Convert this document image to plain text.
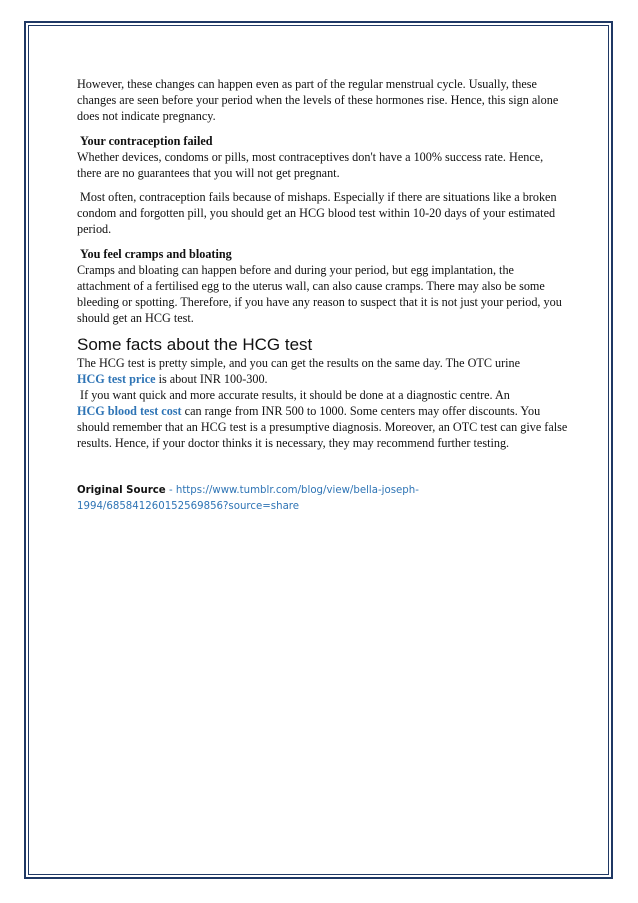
However, these changes can happen even as part of the regular menstrual cycle. Usually, these changes are seen before your period when the levels of these hormones rise. Hence, this sign alone does not indicate pregnancy.

Your contraception failed

Whether devices, condoms or pills, most contraceptives don't have a 100% success rate. Hence, there are no guarantees that you will not get pregnant.

Most often, contraception fails because of mishaps. Especially if there are situations like a broken condom and forgotten pill, you should get an HCG blood test within 10-20 days of your estimated period.

You feel cramps and bloating

Cramps and bloating can happen before and during your period, but egg implantation, the attachment of a fertilised egg to the uterus wall, can also cause cramps. There may also be some bleeding or spotting. Therefore, if you have any reason to suspect that it is not just your period, you should get an HCG test.

Some facts about the HCG test

The HCG test is pretty simple, and you can get the results on the same day. The OTC urine
HCG test price is about INR 100-300.

If you want quick and more accurate results, it should be done at a diagnostic centre. An
HCG blood test cost can range from INR 500 to 1000. Some centers may offer discounts. You should remember that an HCG test is a presumptive diagnosis. Moreover, an OTC test can give false results. Hence, if your doctor thinks it is necessary, they may recommend further testing.

Original Source - https://www.tumblr.com/blog/view/bella-joseph-1994/685841260152569856?source=share
